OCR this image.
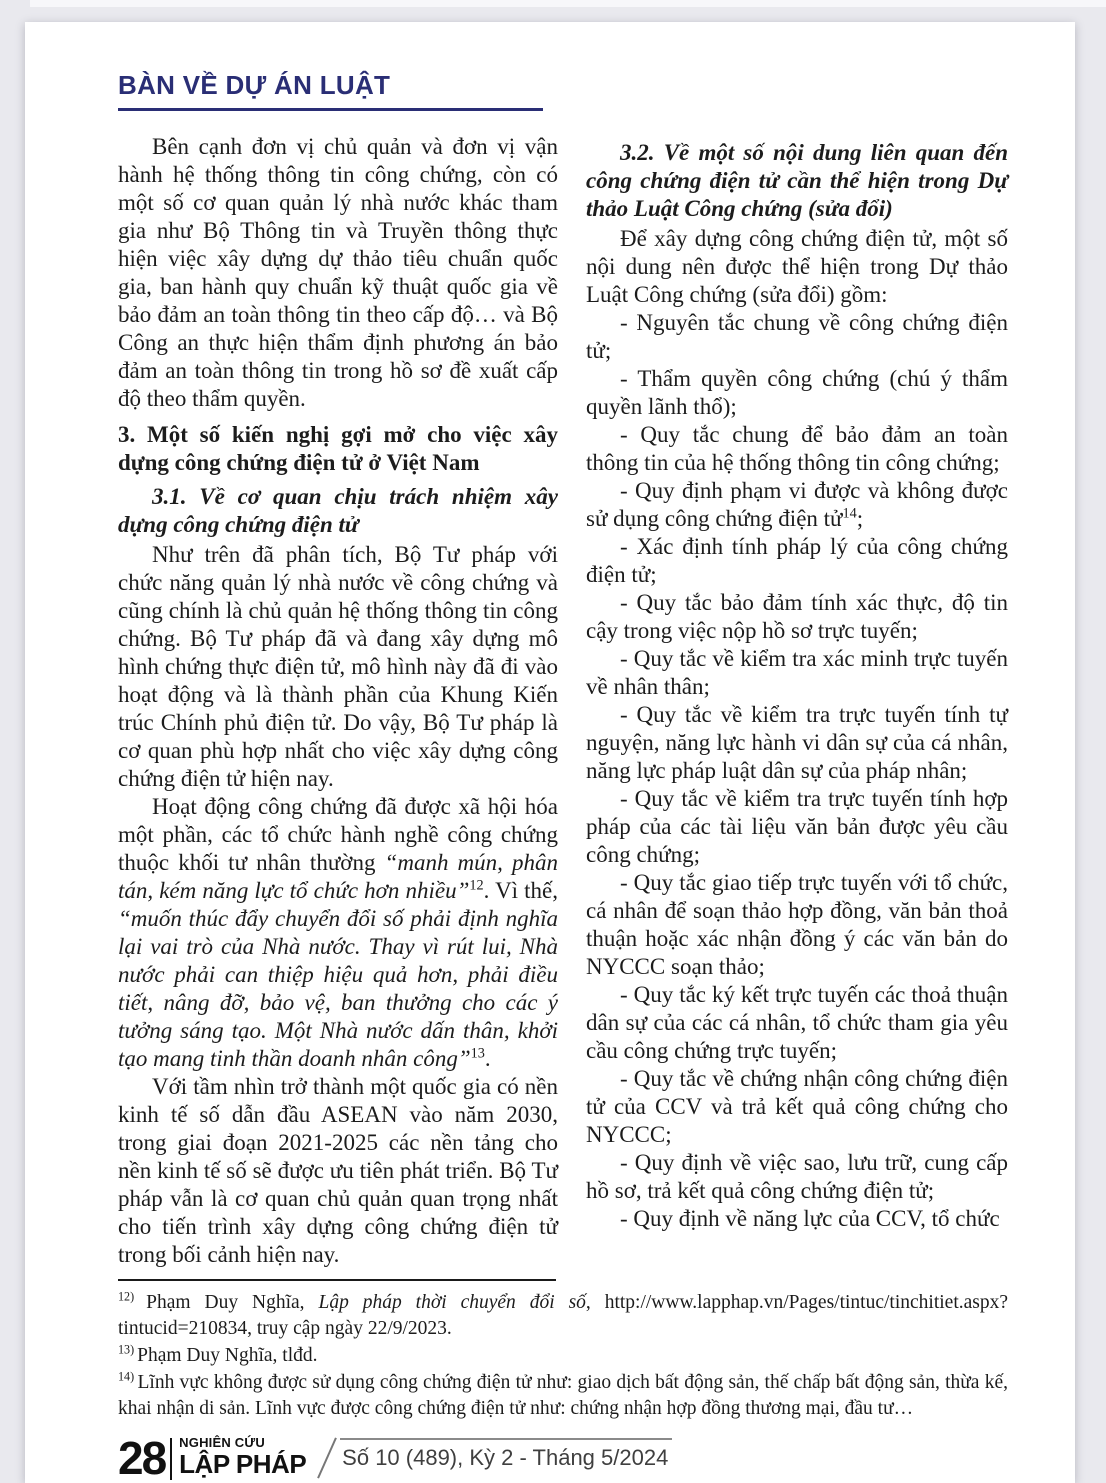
BÀN VỀ DỰ ÁN LUẬT

Bên cạnh đơn vị chủ quản và đơn vị vận hành hệ thống thông tin công chứng, còn có một số cơ quan quản lý nhà nước khác tham gia như Bộ Thông tin và Truyền thông thực hiện việc xây dựng dự thảo tiêu chuẩn quốc gia, ban hành quy chuẩn kỹ thuật quốc gia về bảo đảm an toàn thông tin theo cấp độ… và Bộ Công an thực hiện thẩm định phương án bảo đảm an toàn thông tin trong hồ sơ đề xuất cấp độ theo thẩm quyền.

3. Một số kiến nghị gợi mở cho việc xây dựng công chứng điện tử ở Việt Nam

3.1. Về cơ quan chịu trách nhiệm xây dựng công chứng điện tử

Như trên đã phân tích, Bộ Tư pháp với chức năng quản lý nhà nước về công chứng và cũng chính là chủ quản hệ thống thông tin công chứng. Bộ Tư pháp đã và đang xây dựng mô hình chứng thực điện tử, mô hình này đã đi vào hoạt động và là thành phần của Khung Kiến trúc Chính phủ điện tử. Do vậy, Bộ Tư pháp là cơ quan phù hợp nhất cho việc xây dựng công chứng điện tử hiện nay.

Hoạt động công chứng đã được xã hội hóa một phần, các tổ chức hành nghề công chứng thuộc khối tư nhân thường “manh mún, phân tán, kém năng lực tổ chức hơn nhiều”$^{12}$. Vì thế, “muốn thúc đẩy chuyển đổi số phải định nghĩa lại vai trò của Nhà nước. Thay vì rút lui, Nhà nước phải can thiệp hiệu quả hơn, phải điều tiết, nâng đỡ, bảo vệ, ban thưởng cho các ý tưởng sáng tạo. Một Nhà nước dấn thân, khởi tạo mang tinh thần doanh nhân công”$^{13}$.

Với tầm nhìn trở thành một quốc gia có nền kinh tế số dẫn đầu ASEAN vào năm 2030, trong giai đoạn 2021-2025 các nền tảng cho nền kinh tế số sẽ được ưu tiên phát triển. Bộ Tư pháp vẫn là cơ quan chủ quản quan trọng nhất cho tiến trình xây dựng công chứng điện tử trong bối cảnh hiện nay.

3.2. Về một số nội dung liên quan đến công chứng điện tử cần thể hiện trong Dự thảo Luật Công chứng (sửa đổi)

Để xây dựng công chứng điện tử, một số nội dung nên được thể hiện trong Dự thảo Luật Công chứng (sửa đổi) gồm:

- Nguyên tắc chung về công chứng điện tử;

- Thẩm quyền công chứng (chú ý thẩm quyền lãnh thổ);

- Quy tắc chung để bảo đảm an toàn thông tin của hệ thống thông tin công chứng;

- Quy định phạm vi được và không được sử dụng công chứng điện tử$^{14}$;

- Xác định tính pháp lý của công chứng điện tử;

- Quy tắc bảo đảm tính xác thực, độ tin cậy trong việc nộp hồ sơ trực tuyến;

- Quy tắc về kiểm tra xác minh trực tuyến về nhân thân;

- Quy tắc về kiểm tra trực tuyến tính tự nguyện, năng lực hành vi dân sự của cá nhân, năng lực pháp luật dân sự của pháp nhân;

- Quy tắc về kiểm tra trực tuyến tính hợp pháp của các tài liệu văn bản được yêu cầu công chứng;

- Quy tắc giao tiếp trực tuyến với tổ chức, cá nhân để soạn thảo hợp đồng, văn bản thoả thuận hoặc xác nhận đồng ý các văn bản do NYCCC soạn thảo;

- Quy tắc ký kết trực tuyến các thoả thuận dân sự của các cá nhân, tổ chức tham gia yêu cầu công chứng trực tuyến;

- Quy tắc về chứng nhận công chứng điện tử của CCV và trả kết quả công chứng cho NYCCC;

- Quy định về việc sao, lưu trữ, cung cấp hồ sơ, trả kết quả công chứng điện tử;

- Quy định về năng lực của CCV, tổ chức

$^{12)}$ Phạm Duy Nghĩa, Lập pháp thời chuyển đổi số, http://www.lapphap.vn/Pages/tintuc/tinchitiet.aspx?tintucid=210834, truy cập ngày 22/9/2023.

$^{13)}$ Phạm Duy Nghĩa, tlđd.

$^{14)}$ Lĩnh vực không được sử dụng công chứng điện tử như: giao dịch bất động sản, thế chấp bất động sản, thừa kế, khai nhận di sản. Lĩnh vực được công chứng điện tử như: chứng nhận hợp đồng thương mại, đầu tư…

28 NGHIÊN CỨU
LẬP PHÁP Số 10 (489), Kỳ 2 - Tháng 5/2024
